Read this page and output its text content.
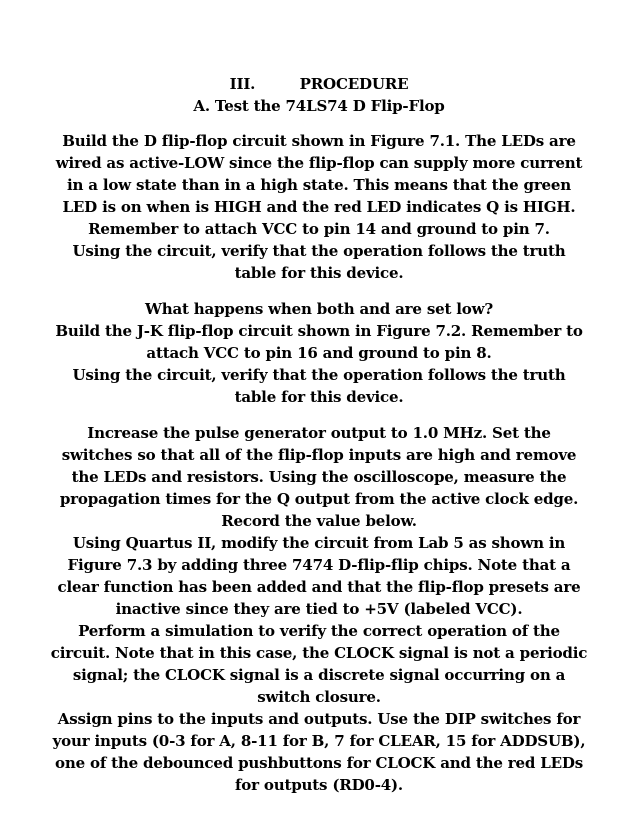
III.	PROCEDURE
A. Test the 74LS74 D Flip-Flop
Build the D flip-flop circuit shown in Figure 7.1. The LEDs are
wired as active-LOW since the flip-flop can supply more current
in a low state than in a high state. This means that the green
LED is on when is HIGH and the red LED indicates Q is HIGH.
Remember to attach VCC to pin 14 and ground to pin 7.
Using the circuit, verify that the operation follows the truth
table for this device.
What happens when both and are set low?
Build the J-K flip-flop circuit shown in Figure 7.2. Remember to
attach VCC to pin 16 and ground to pin 8.
Using the circuit, verify that the operation follows the truth
table for this device.
Increase the pulse generator output to 1.0 MHz. Set the
switches so that all of the flip-flop inputs are high and remove
the LEDs and resistors. Using the oscilloscope, measure the
propagation times for the Q output from the active clock edge.
Record the value below.
Using Quartus II, modify the circuit from Lab 5 as shown in
Figure 7.3 by adding three 7474 D-flip-flip chips. Note that a
clear function has been added and that the flip-flop presets are
inactive since they are tied to +5V (labeled VCC).
Perform a simulation to verify the correct operation of the
circuit. Note that in this case, the CLOCK signal is not a periodic
signal; the CLOCK signal is a discrete signal occurring on a
switch closure.
Assign pins to the inputs and outputs. Use the DIP switches for
your inputs (0-3 for A, 8-11 for B, 7 for CLEAR, 15 for ADDSUB),
one of the debounced pushbuttons for CLOCK and the red LEDs
for outputs (RD0-4).
